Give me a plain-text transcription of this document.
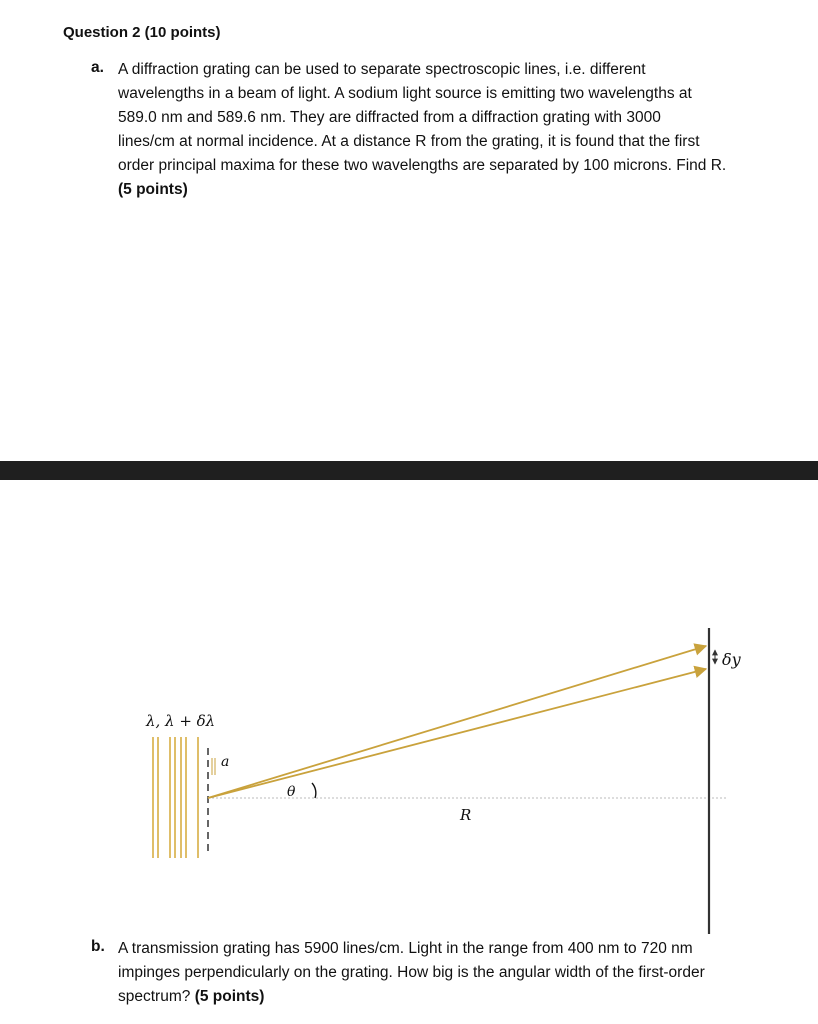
Question 2 (10 points)
a. A diffraction grating can be used to separate spectroscopic lines, i.e. different
wavelengths in a beam of light. A sodium light source is emitting two wavelengths at
589.0 nm and 589.6 nm. They are diffracted from a diffraction grating with 3000
lines/cm at normal incidence. At a distance R from the grating, it is found that the first
order principal maxima for these two wavelengths are separated by 100 microns. Find R.
(5 points)
λ, λ + δλ
a
θ
R
δy
b. A transmission grating has 5900 lines/cm. Light in the range from 400 nm to 720 nm
impinges perpendicularly on the grating. How big is the angular width of the first-order
spectrum? (5 points)
